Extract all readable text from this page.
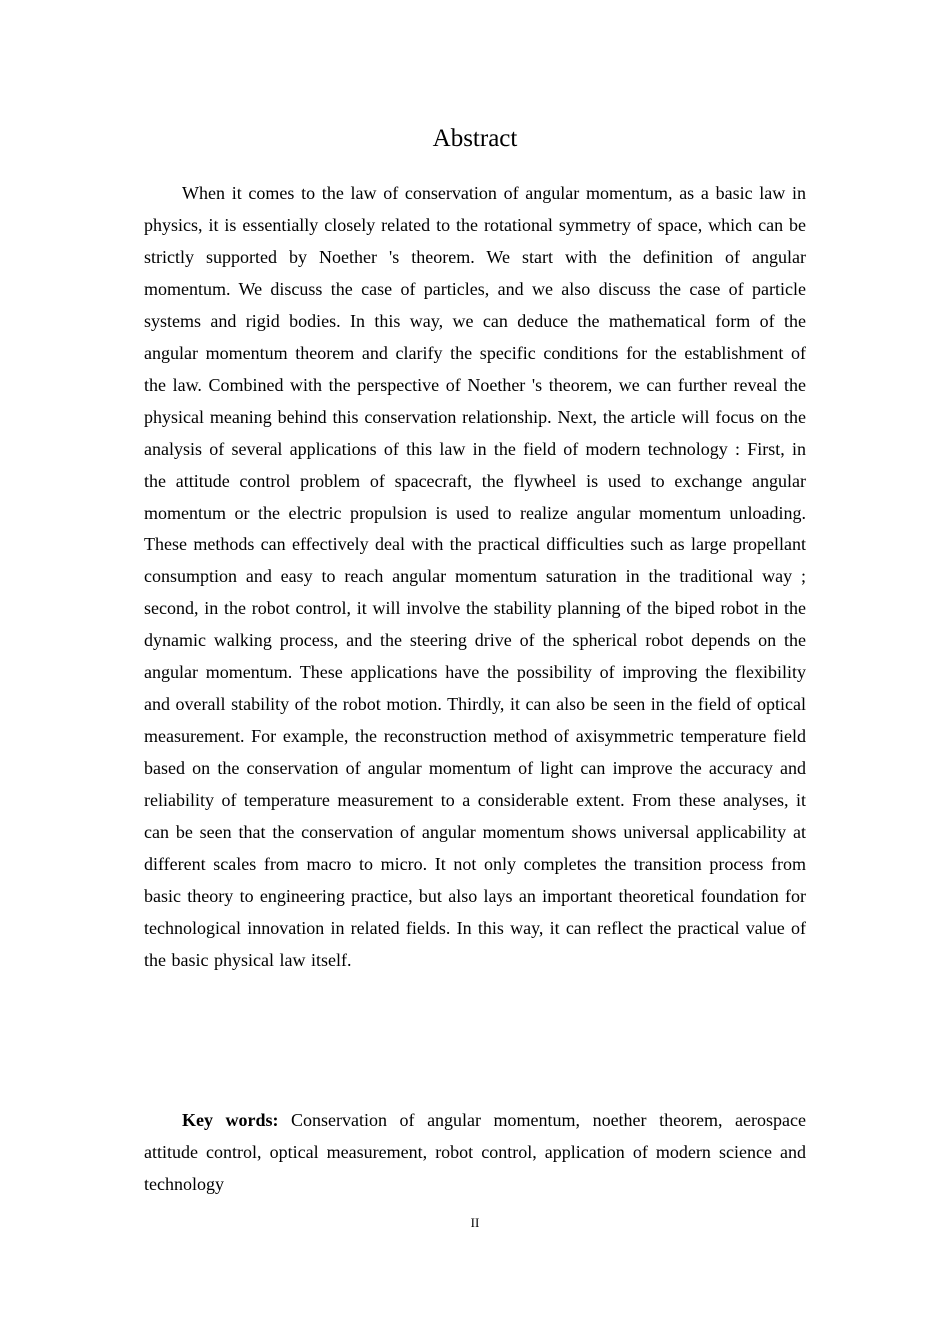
Abstract

When it comes to the law of conservation of angular momentum, as a basic law in physics, it is essentially closely related to the rotational symmetry of space, which can be strictly supported by Noether 's theorem. We start with the definition of angular momentum. We discuss the case of particles, and we also discuss the case of particle systems and rigid bodies. In this way, we can deduce the mathematical form of the angular momentum theorem and clarify the specific conditions for the establishment of the law. Combined with the perspective of Noether 's theorem, we can further reveal the physical meaning behind this conservation relationship. Next, the article will focus on the analysis of several applications of this law in the field of modern technology : First, in the attitude control problem of spacecraft, the flywheel is used to exchange angular momentum or the electric propulsion is used to realize angular momentum unloading. These methods can effectively deal with the practical difficulties such as large propellant consumption and easy to reach angular momentum saturation in the traditional way ; second, in the robot control, it will involve the stability planning of the biped robot in the dynamic walking process, and the steering drive of the spherical robot depends on the angular momentum. These applications have the possibility of improving the flexibility and overall stability of the robot motion. Thirdly, it can also be seen in the field of optical measurement. For example, the reconstruction method of axisymmetric temperature field based on the conservation of angular momentum of light can improve the accuracy and reliability of temperature measurement to a considerable extent. From these analyses, it can be seen that the conservation of angular momentum shows universal applicability at different scales from macro to micro. It not only completes the transition process from basic theory to engineering practice, but also lays an important theoretical foundation for technological innovation in related fields. In this way, it can reflect the practical value of the basic physical law itself.

Key words: Conservation of angular momentum, noether theorem, aerospace attitude control, optical measurement, robot control, application of modern science and technology

II
